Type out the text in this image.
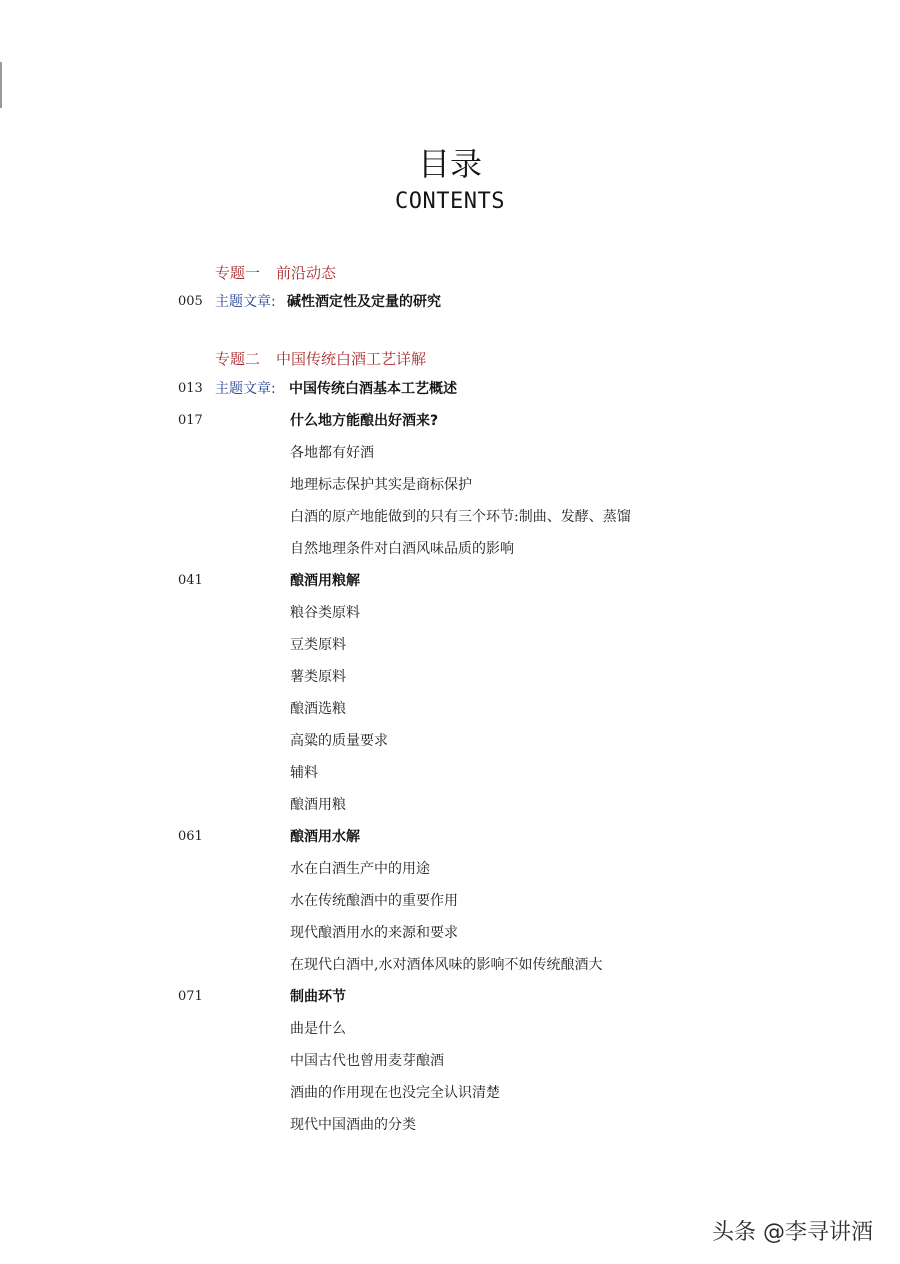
目录
CONTENTS
专题一 前沿动态
005 主题文章: 碱性酒定性及定量的研究
专题二 中国传统白酒工艺详解
013 主题文章: 中国传统白酒基本工艺概述
017	什么地方能酿出好酒来?
各地都有好酒
地理标志保护其实是商标保护
白酒的原产地能做到的只有三个环节:制曲、发酵、蒸馏
自然地理条件对白酒风味品质的影响
041	酿酒用粮解
粮谷类原料
豆类原料
薯类原料
酿酒选粮
高粱的质量要求
辅料
酿酒用粮
061	酿酒用水解
水在白酒生产中的用途
水在传统酿酒中的重要作用
现代酿酒用水的来源和要求
在现代白酒中,水对酒体风味的影响不如传统酿酒大
071	制曲环节
曲是什么
中国古代也曾用麦芽酿酒
酒曲的作用现在也没完全认识清楚
现代中国酒曲的分类
头条 @李寻讲酒
